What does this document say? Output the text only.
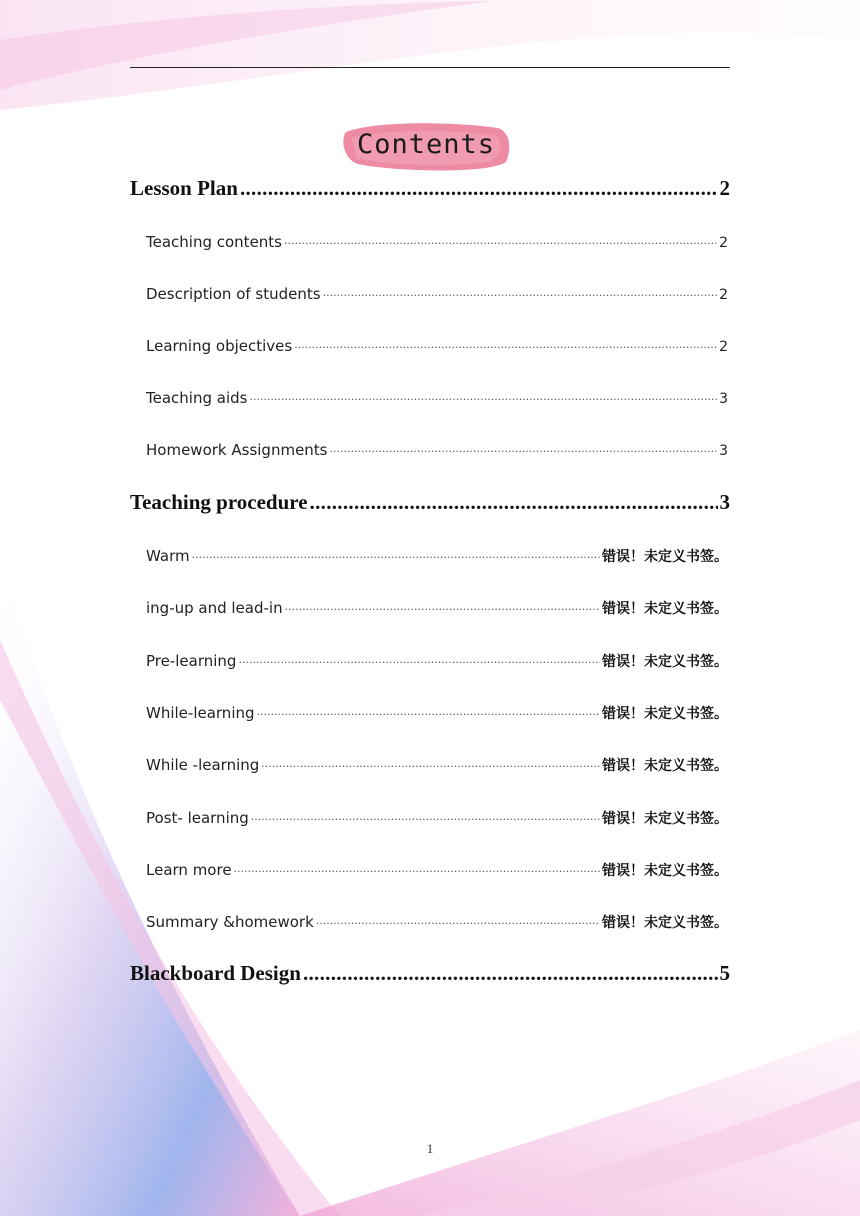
Contents
Lesson Plan .....	2
Teaching contents ·····	2
Description of students ·····	2
Learning objectives ·····	2
Teaching aids ·····	3
Homework Assignments ·····	3
Teaching procedure .....	3
Warm ·····	错误！未定义书签。
ing-up and lead-in ·····	错误！未定义书签。
Pre-learning ·····	错误！未定义书签。
While-learning ·····	错误！未定义书签。
While -learning ·····	错误！未定义书签。
Post- learning ·····	错误！未定义书签。
Learn more ·····	错误！未定义书签。
Summary &homework ·····	错误！未定义书签。
Blackboard Design .....	5
1
